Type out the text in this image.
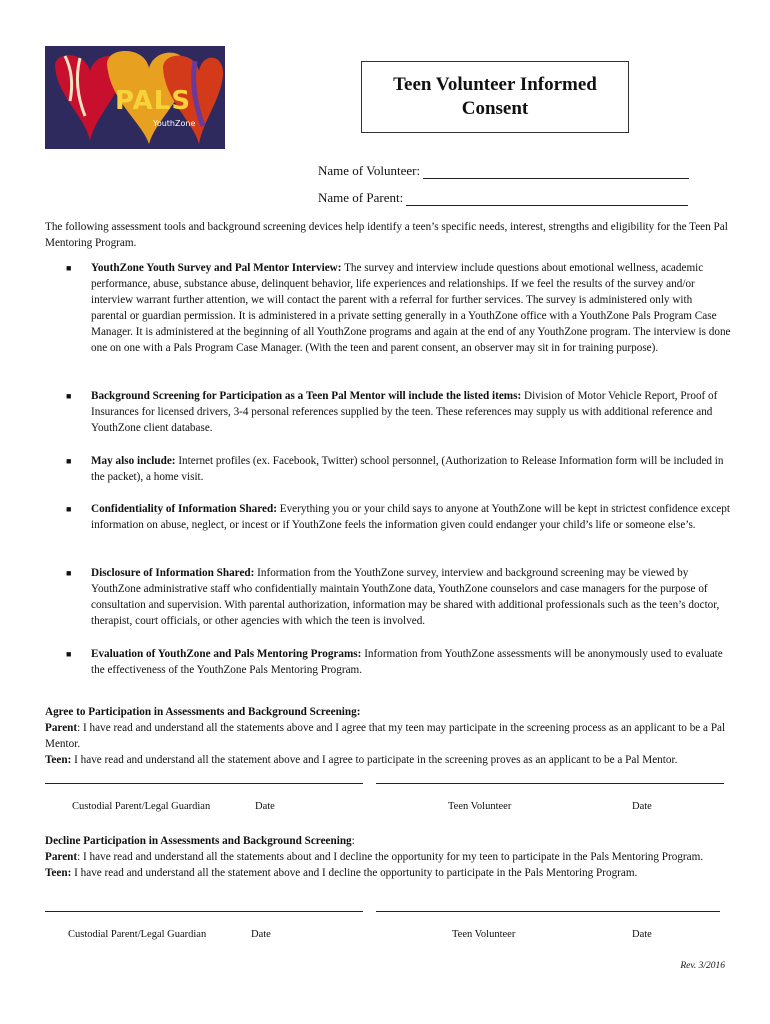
PALS
YouthZone
Teen Volunteer Informed
Consent
Name of Volunteer:
Name of Parent:
The following assessment tools and background screening devices help identify a teen’s specific needs, interest, strengths and eligibility for the Teen Pal Mentoring Program.
■ YouthZone Youth Survey and Pal Mentor Interview: The survey and interview include questions about emotional wellness, academic performance, abuse, substance abuse, delinquent behavior, life experiences and relationships. If we feel the results of the survey and/or interview warrant further attention, we will contact the parent with a referral for further services. The survey is administered only with parental or guardian permission. It is administered in a private setting generally in a YouthZone office with a YouthZone Pals Program Case Manager. It is administered at the beginning of all YouthZone programs and again at the end of any YouthZone program. The interview is done one on one with a Pals Program Case Manager. (With the teen and parent consent, an observer may sit in for training purpose).
■ Background Screening for Participation as a Teen Pal Mentor will include the listed items: Division of Motor Vehicle Report, Proof of Insurances for licensed drivers, 3-4 personal references supplied by the teen. These references may supply us with additional reference and YouthZone client database.
■ May also include: Internet profiles (ex. Facebook, Twitter) school personnel, (Authorization to Release Information form will be included in the packet), a home visit.
■ Confidentiality of Information Shared: Everything you or your child says to anyone at YouthZone will be kept in strictest confidence except information on abuse, neglect, or incest or if YouthZone feels the information given could endanger your child’s life or someone else’s.
■ Disclosure of Information Shared: Information from the YouthZone survey, interview and background screening may be viewed by YouthZone administrative staff who confidentially maintain YouthZone data, YouthZone counselors and case managers for the purpose of consultation and supervision. With parental authorization, information may be shared with additional professionals such as the teen’s doctor, therapist, court officials, or other agencies with which the teen is involved.
■ Evaluation of YouthZone and Pals Mentoring Programs: Information from YouthZone assessments will be anonymously used to evaluate the effectiveness of the YouthZone Pals Mentoring Program.
Agree to Participation in Assessments and Background Screening:
Parent: I have read and understand all the statements above and I agree that my teen may participate in the screening process as an applicant to be a Pal Mentor.
Teen: I have read and understand all the statement above and I agree to participate in the screening proves as an applicant to be a Pal Mentor.
Custodial Parent/Legal Guardian	Date	Teen Volunteer	Date
Decline Participation in Assessments and Background Screening:
Parent: I have read and understand all the statements about and I decline the opportunity for my teen to participate in the Pals Mentoring Program.
Teen: I have read and understand all the statement above and I decline the opportunity to participate in the Pals Mentoring Program.
Custodial Parent/Legal Guardian	Date	Teen Volunteer	Date
Rev. 3/2016
